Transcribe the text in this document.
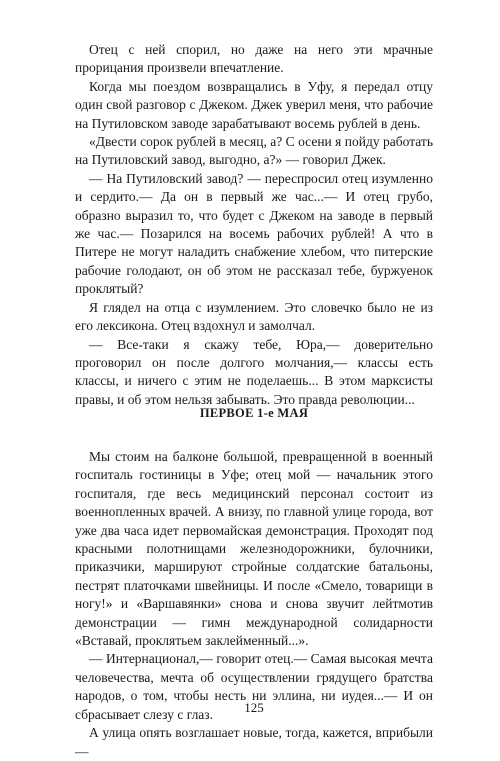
Отец с ней спорил, но даже на него эти мрачные прорицания произвели впечатление.

Когда мы поездом возвращались в Уфу, я передал отцу один свой разговор с Джеком. Джек уверил меня, что рабочие на Путиловском заводе зарабатывают восемь рублей в день.

«Двести сорок рублей в месяц, а? С осени я пойду работать на Путиловский завод, выгодно, а?» — говорил Джек.

— На Путиловский завод? — переспросил отец изумленно и сердито.— Да он в первый же час...— И отец грубо, образно выразил то, что будет с Джеком на заводе в первый же час.— Позарился на восемь рабочих рублей! А что в Питере не могут наладить снабжение хлебом, что питерские рабочие голодают, он об этом не рассказал тебе, буржуенок проклятый?

Я глядел на отца с изумлением. Это словечко было не из его лексикона. Отец вздохнул и замолчал.

— Все-таки я скажу тебе, Юра,— доверительно проговорил он после долгого молчания,— классы есть классы, и ничего с этим не поделаешь... В этом марксисты правы, и об этом нельзя забывать. Это правда революции...

ПЕРВОЕ 1-е МАЯ

Мы стоим на балконе большой, превращенной в военный госпиталь гостиницы в Уфе; отец мой — начальник этого госпиталя, где весь медицинский персонал состоит из военнопленных врачей. А внизу, по главной улице города, вот уже два часа идет первомайская демонстрация. Проходят под красными полотнищами железнодорожники, булочники, приказчики, маршируют стройные солдатские батальоны, пестрят платочками швейницы. И после «Смело, товарищи в ногу!» и «Варшавянки» снова и снова звучит лейтмотив демонстрации — гимн международной солидарности «Вставай, проклятьем заклейменный...».

— Интернационал,— говорит отец.— Самая высокая мечта человечества, мечта об осуществлении грядущего братства народов, о том, чтобы несть ни эллина, ни иудея...— И он сбрасывает слезу с глаз.

А улица опять возглашает новые, тогда, кажется, вприбыли—

125
